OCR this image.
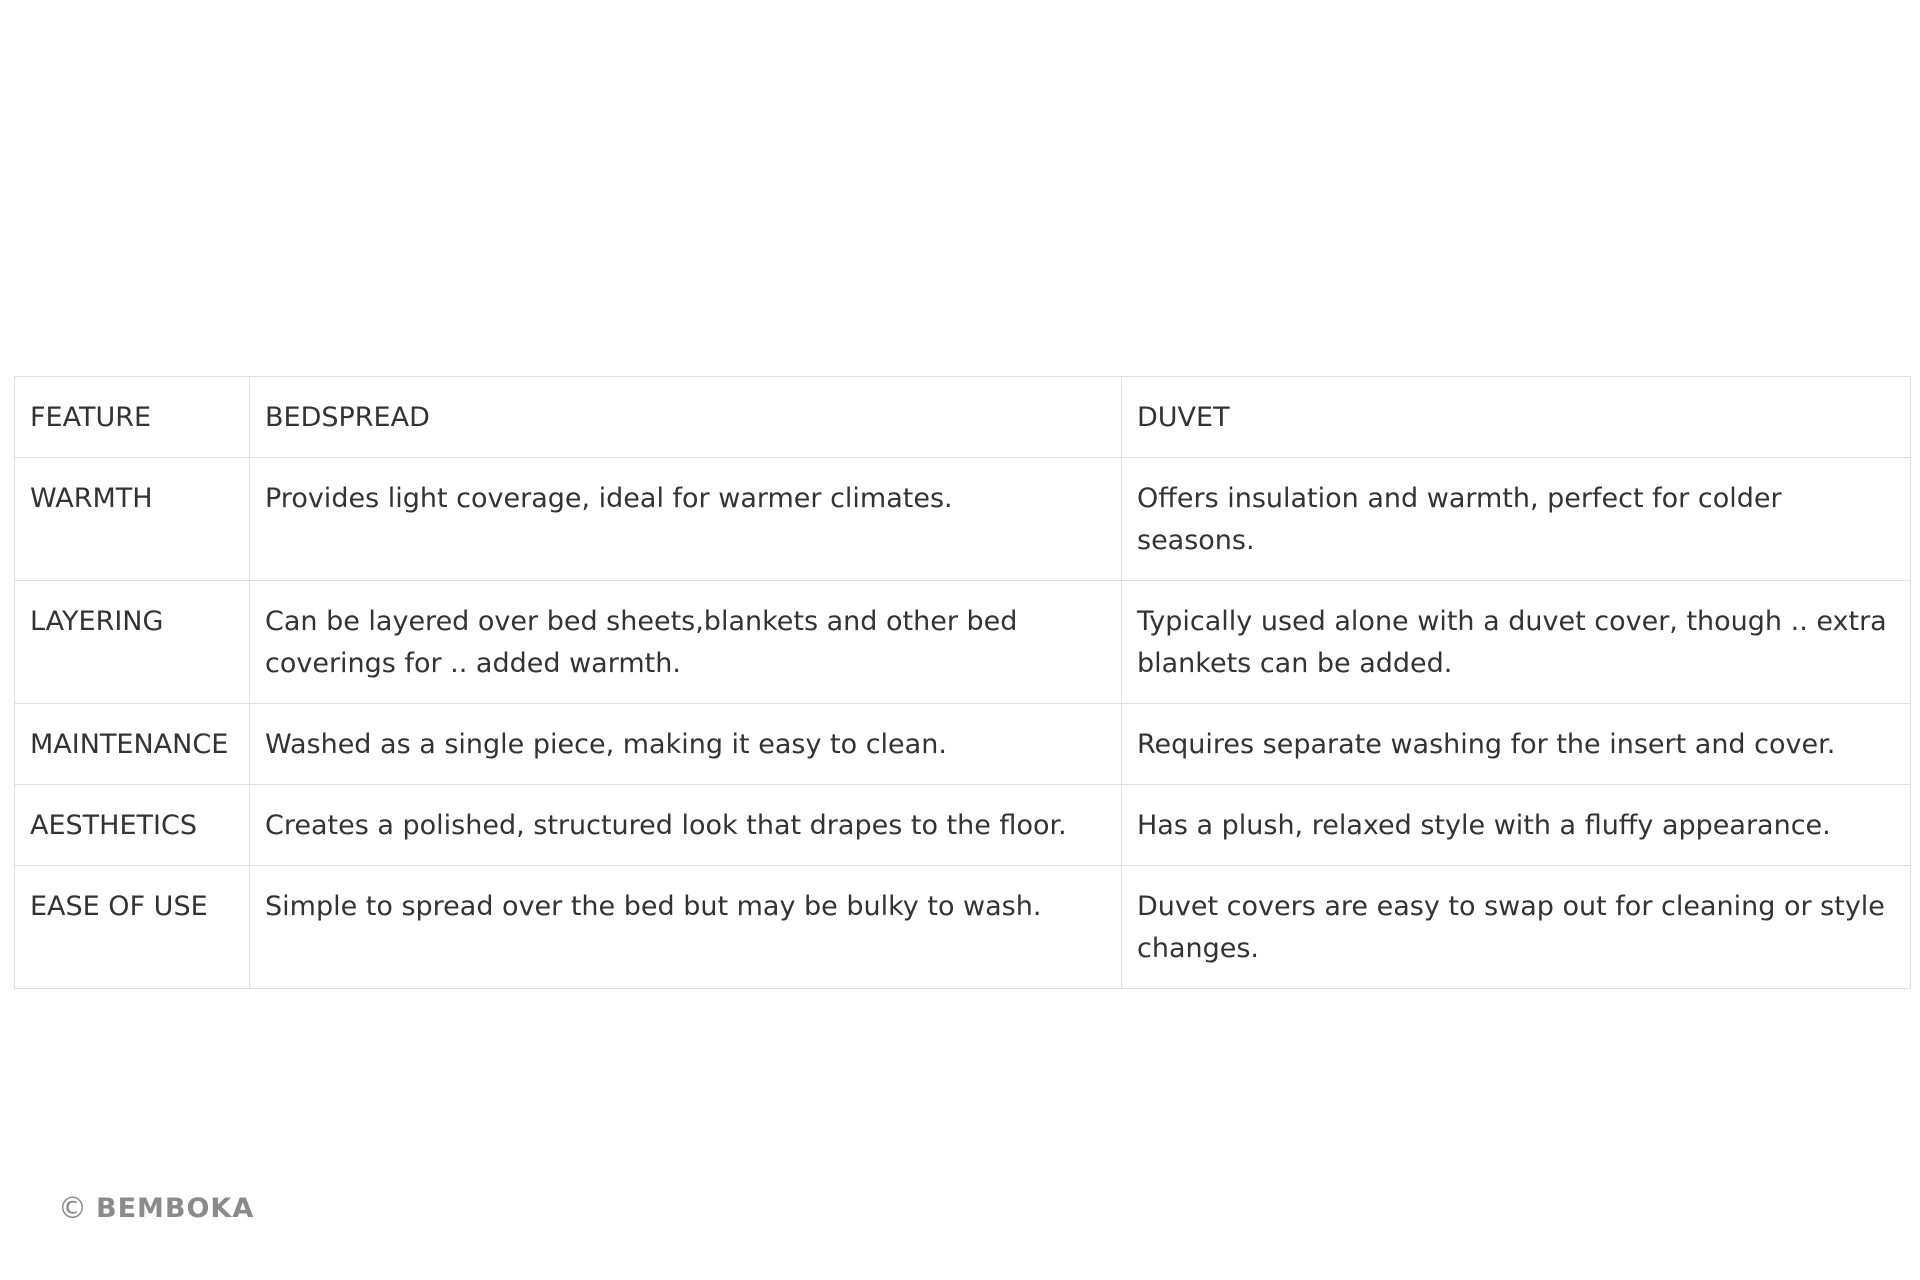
FEATURE	BEDSPREAD	DUVET
WARMTH	Provides light coverage, ideal for warmer climates.	Offers insulation and warmth, perfect for colder seasons.
LAYERING	Can be layered over bed sheets,blankets and other bed coverings for .. added warmth.	Typically used alone with a duvet cover, though .. extra blankets can be added.
MAINTENANCE	Washed as a single piece, making it easy to clean.	Requires separate washing for the insert and cover.
AESTHETICS	Creates a polished, structured look that drapes to the floor.	Has a plush, relaxed style with a fluffy appearance.
EASE OF USE	Simple to spread over the bed but may be bulky to wash.	Duvet covers are easy to swap out for cleaning or style changes.
© BEMBOKA
